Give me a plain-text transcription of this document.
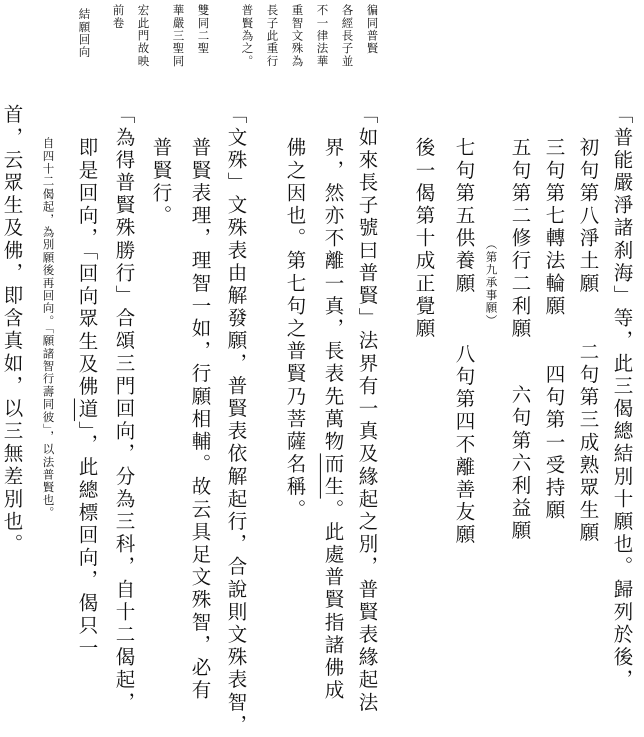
「普能嚴淨諸刹海」等，此三偈總結別十願也。歸列於後，
初句第八淨土願二句第三成熟眾生願
三句第七轉法輪願四句第一受持願
五句第二修行二利願六句第六利益願
（第九承事願）
七句第五供養願八句第四不離善友願
後一偈第十成正覺願
「如來長子號曰普賢」法界有一真及緣起之別，普賢表緣起法
界，然亦不離一真，長表先萬物而生。此處普賢指諸佛成
佛之因也。第七句之普賢乃菩薩名稱。
「文殊」文殊表由解發願，普賢表依解起行，合說則文殊表智，
普賢表理，理智一如，行願相輔。故云具足文殊智，必有
普賢行。
「為得普賢殊勝行」合頌三門回向，分為三科，自十二偈起，
即是回向，「回向眾生及佛道」，此總標回向，偈只一
自四十二偈起，為別願後再回向。「願諸智行壽同彼」，以法普賢也。
首，云眾生及佛，即含真如，以三無差別也。
徧同普賢
各經長子並
不一律法華
重智文殊為
長子此重行
普賢為之。
雙同二聖
華嚴三聖同
宏此門故映
前卷
結願回向
